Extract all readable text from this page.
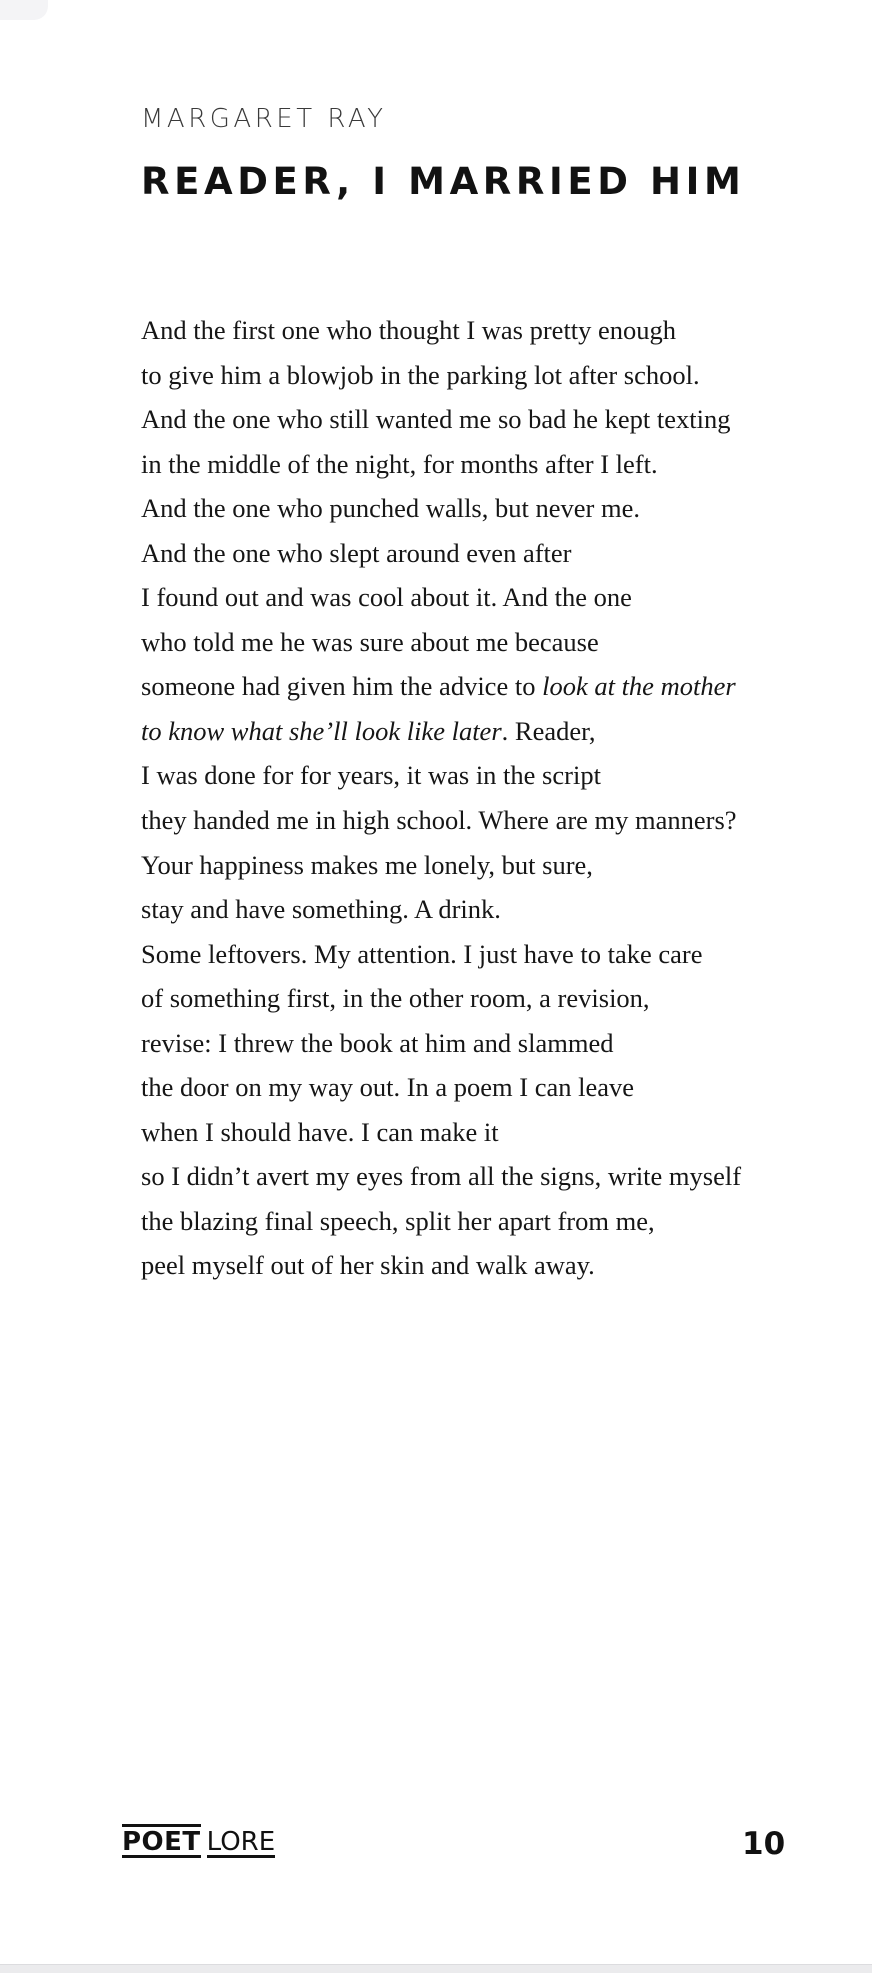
MARGARET RAY
READER, I MARRIED HIM
And the first one who thought I was pretty enough
to give him a blowjob in the parking lot after school.
And the one who still wanted me so bad he kept texting
in the middle of the night, for months after I left.
And the one who punched walls, but never me.
And the one who slept around even after
I found out and was cool about it. And the one
who told me he was sure about me because
someone had given him the advice to look at the mother
to know what she’ll look like later. Reader,
I was done for for years, it was in the script
they handed me in high school. Where are my manners?
Your happiness makes me lonely, but sure,
stay and have something. A drink.
Some leftovers. My attention. I just have to take care
of something first, in the other room, a revision,
revise: I threw the book at him and slammed
the door on my way out. In a poem I can leave
when I should have. I can make it
so I didn’t avert my eyes from all the signs, write myself
the blazing final speech, split her apart from me,
peel myself out of her skin and walk away.
POET LORE	10
